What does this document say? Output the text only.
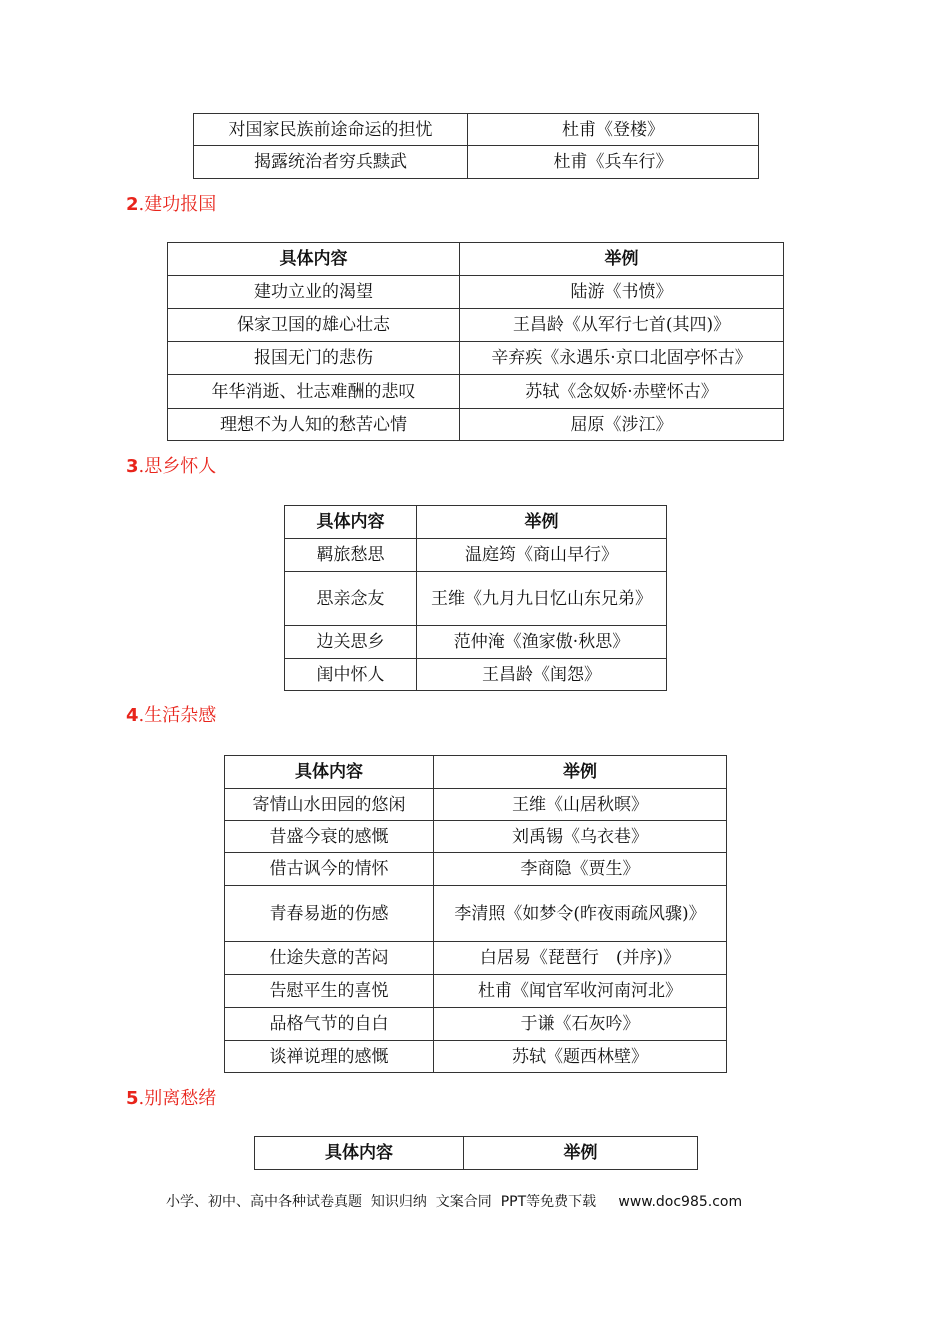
对国家民族前途命运的担忧	杜甫《登楼》
揭露统治者穷兵黩武	杜甫《兵车行》
2.建功报国
具体内容	举例
建功立业的渴望	陆游《书愤》
保家卫国的雄心壮志	王昌龄《从军行七首(其四)》
报国无门的悲伤	辛弃疾《永遇乐·京口北固亭怀古》
年华消逝、壮志难酬的悲叹	苏轼《念奴娇·赤壁怀古》
理想不为人知的愁苦心情	屈原《涉江》
3.思乡怀人
具体内容	举例
羁旅愁思	温庭筠《商山早行》
思亲念友	王维《九月九日忆山东兄弟》
边关思乡	范仲淹《渔家傲·秋思》
闺中怀人	王昌龄《闺怨》
4.生活杂感
具体内容	举例
寄情山水田园的悠闲	王维《山居秋暝》
昔盛今衰的感慨	刘禹锡《乌衣巷》
借古讽今的情怀	李商隐《贾生》
青春易逝的伤感	李清照《如梦令(昨夜雨疏风骤)》
仕途失意的苦闷	白居易《琵琶行　(并序)》
告慰平生的喜悦	杜甫《闻官军收河南河北》
品格气节的自白	于谦《石灰吟》
谈禅说理的感慨	苏轼《题西林壁》
5.别离愁绪
具体内容	举例
小学、初中、高中各种试卷真题  知识归纳  文案合同  PPT等免费下载     www.doc985.com
